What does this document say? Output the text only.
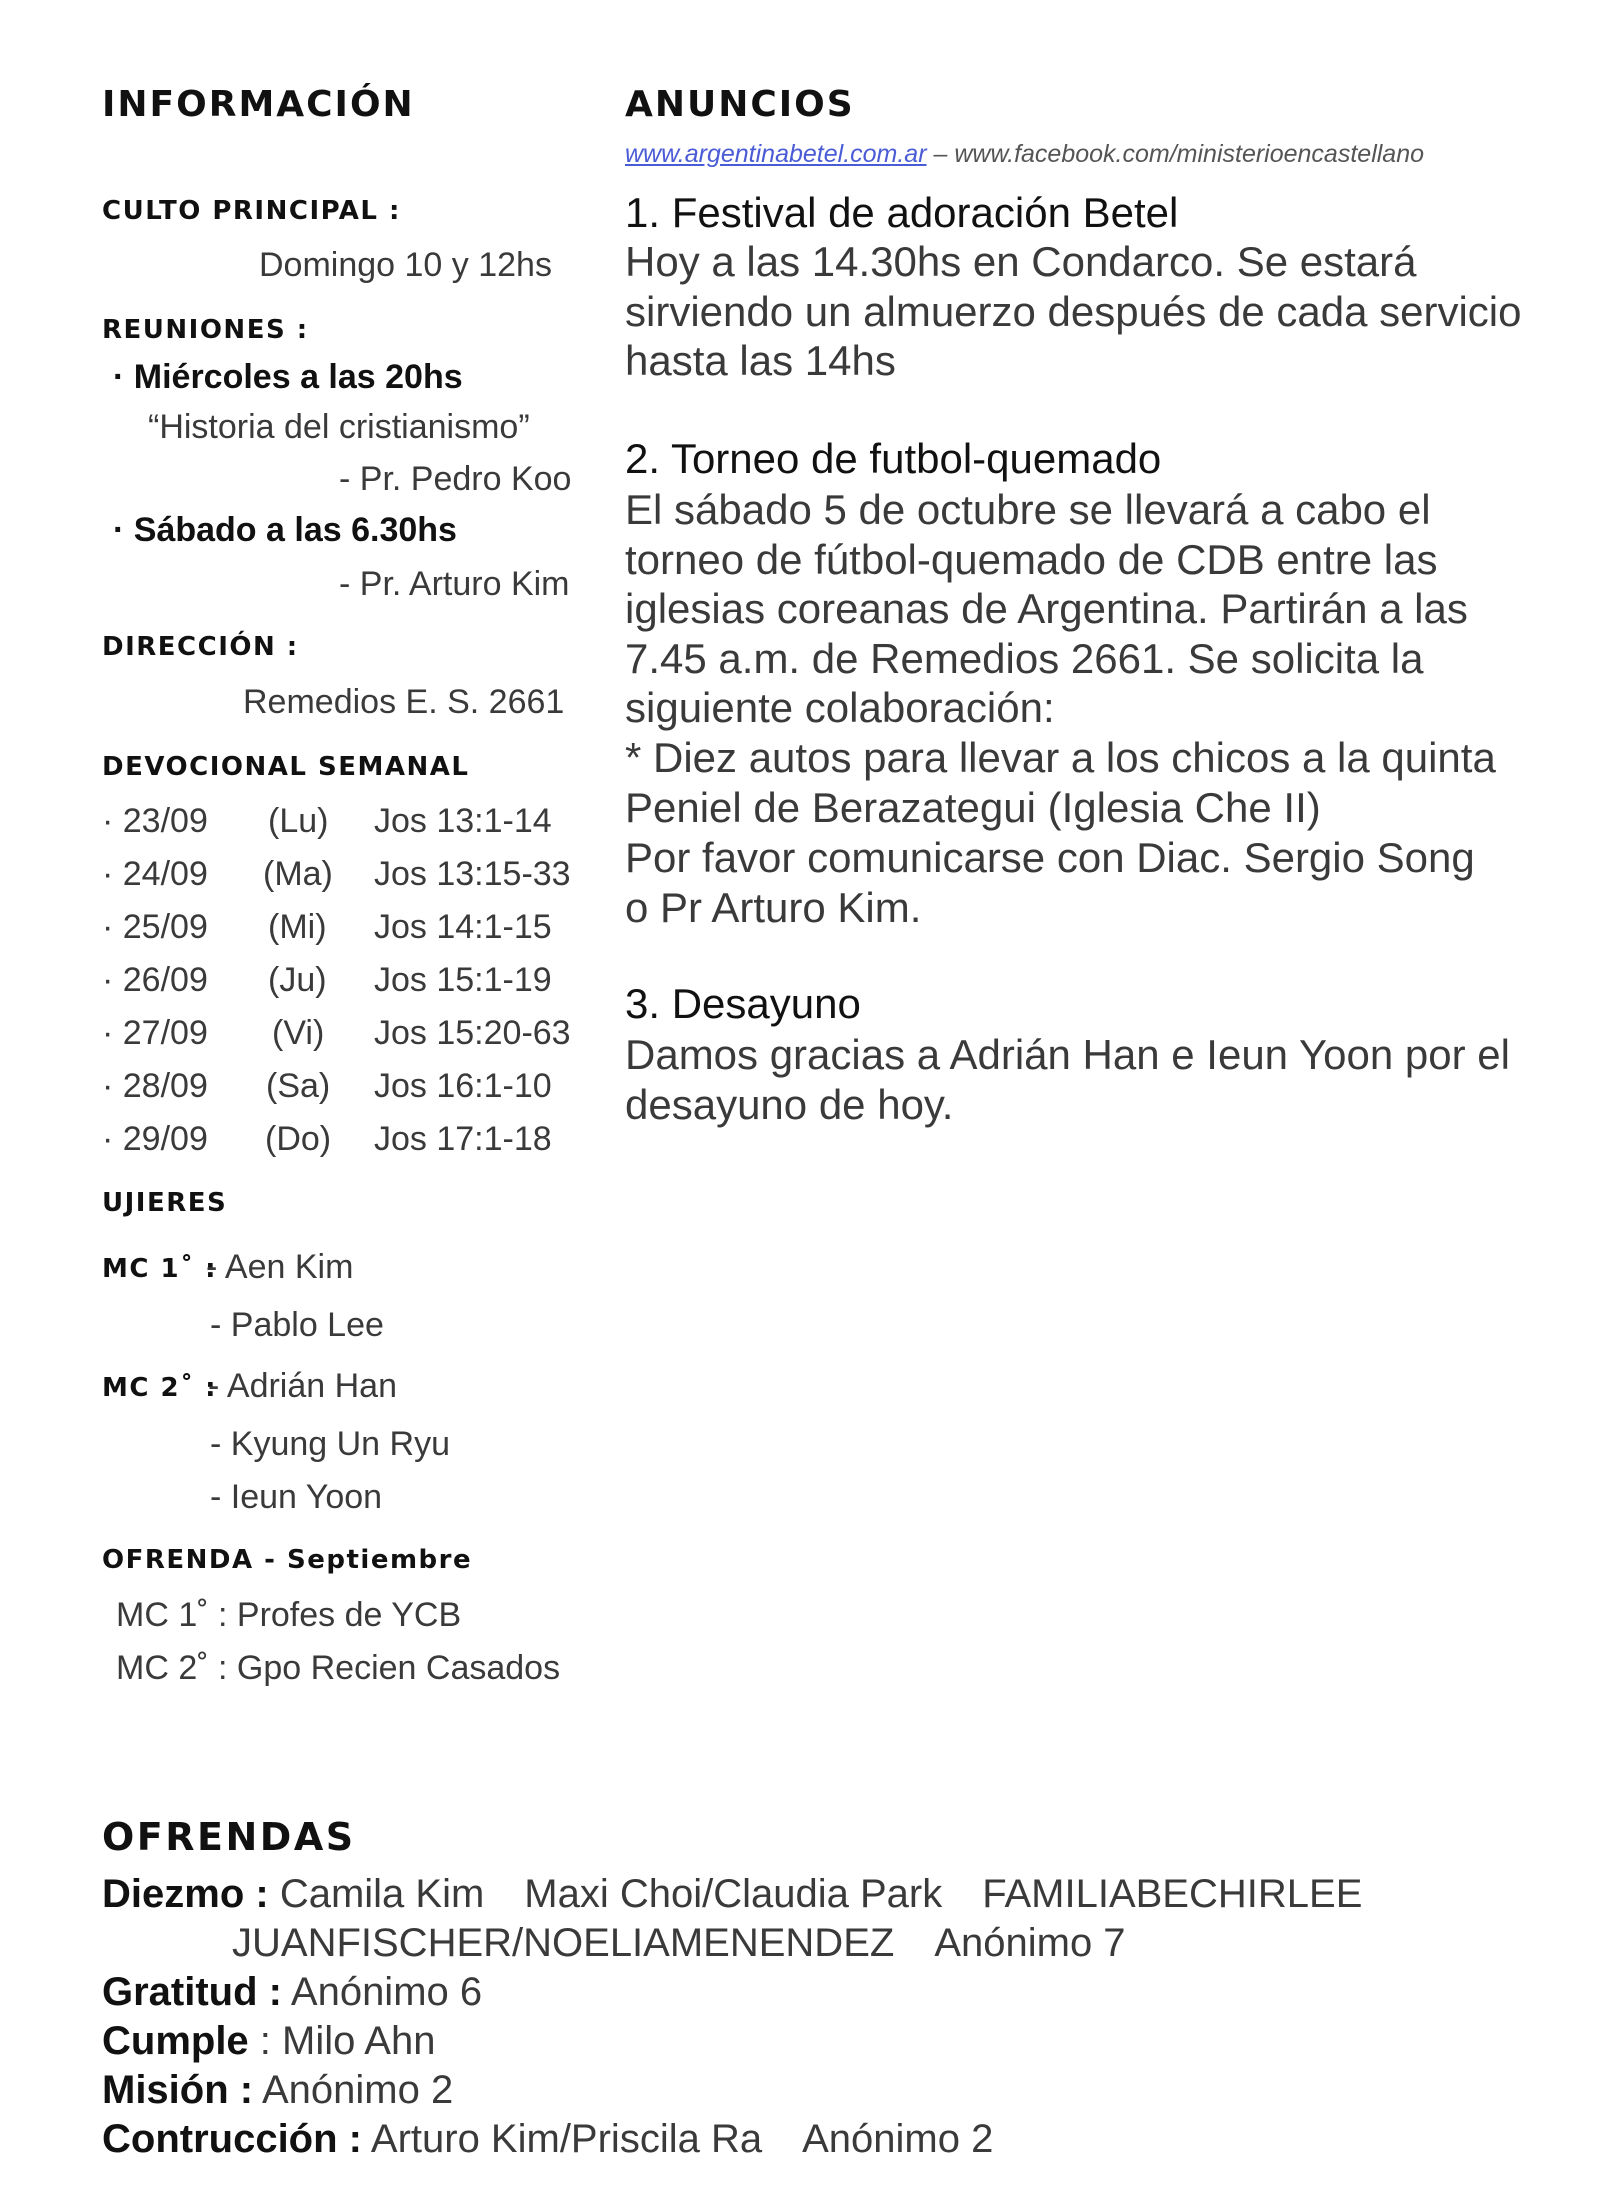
INFORMACIÓN
CULTO PRINCIPAL :
Domingo 10 y 12hs
REUNIONES :
· Miércoles a las 20hs
“Historia del cristianismo”
- Pr. Pedro Koo
· Sábado a las 6.30hs
- Pr. Arturo Kim
DIRECCIÓN :
Remedios E. S. 2661
DEVOCIONAL SEMANAL
· 23/09 (Lu) Jos 13:1-14
· 24/09 (Ma) Jos 13:15-33
· 25/09 (Mi) Jos 14:1-15
· 26/09 (Ju) Jos 15:1-19
· 27/09 (Vi) Jos 15:20-63
· 28/09 (Sa) Jos 16:1-10
· 29/09 (Do) Jos 17:1-18
UJIERES
MC 1˚ :
- Aen Kim
- Pablo Lee
MC 2˚ :
- Adrián Han
- Kyung Un Ryu
- Ieun Yoon
OFRENDA - Septiembre
MC 1˚ : Profes de YCB
MC 2˚ : Gpo Recien Casados
ANUNCIOS
www.argentinabetel.com.ar – www.facebook.com/ministerioencastellano
1. Festival de adoración Betel
Hoy a las 14.30hs en Condarco. Se estará sirviendo un almuerzo después de cada servicio hasta las 14hs
2. Torneo de futbol-quemado
El sábado 5 de octubre se llevará a cabo el torneo de fútbol-quemado de CDB entre las iglesias coreanas de Argentina. Partirán a las 7.45 a.m. de Remedios 2661. Se solicita la siguiente colaboración:
* Diez autos para llevar a los chicos a la quinta Peniel de Berazategui (Iglesia Che II)
Por favor comunicarse con Diac. Sergio Song o Pr Arturo Kim.
3. Desayuno
Damos gracias a Adrián Han e Ieun Yoon por el desayuno de hoy.
OFRENDAS
Diezmo : Camila Kim Maxi Choi/Claudia Park FAMILIABECHIRLEE
JUANFISCHER/NOELIAMENENDEZ Anónimo 7
Gratitud : Anónimo 6
Cumple : Milo Ahn
Misión : Anónimo 2
Contrucción : Arturo Kim/Priscila Ra Anónimo 2
